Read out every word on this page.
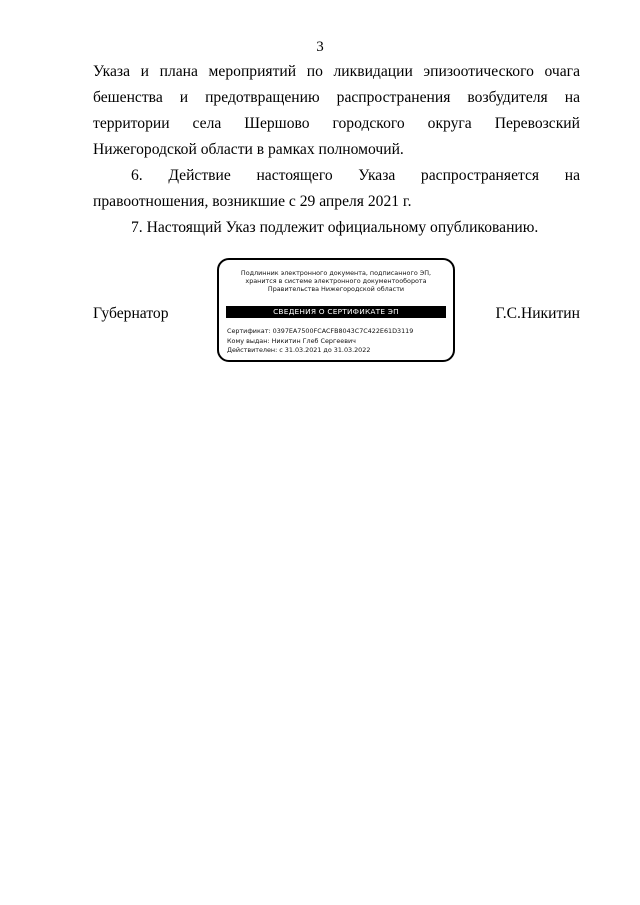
3

Указа и плана мероприятий по ликвидации эпизоотического очага бешенства и предотвращению распространения возбудителя на территории села Шершово городского округа Перевозский Нижегородской области в рамках полномочий.

6. Действие настоящего Указа распространяется на правоотношения, возникшие с 29 апреля 2021 г.

7. Настоящий Указ подлежит официальному опубликованию.

Губернатор
Подлинник электронного документа, подписанного ЭП,
хранится в системе электронного документооборота
Правительства Нижегородской области
СВЕДЕНИЯ О СЕРТИФИКАТЕ ЭП
Сертификат: 0397EA7500FCACFB8043C7C422E61D3119
Кому выдан: Никитин Глеб Сергеевич
Действителен: с 31.03.2021 до 31.03.2022
Г.С.Никитин
